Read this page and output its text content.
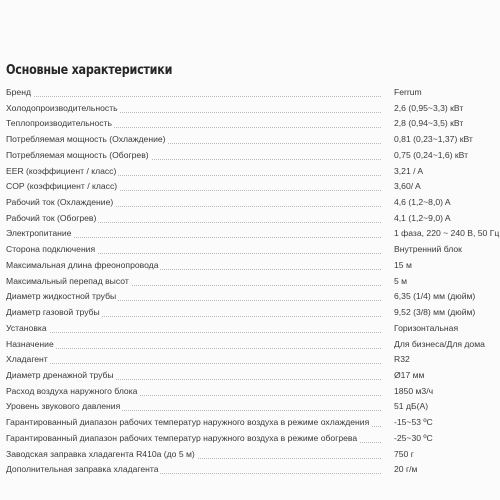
Основные характеристики
Бренд	Ferrum
Холодопроизводительность	2,6 (0,95~3,3) кВт
Теплопроизводительность	2,8 (0,94~3,5) кВт
Потребляемая мощность (Охлаждение)	0,81 (0,23~1,37) кВт
Потребляемая мощность (Обогрев)	0,75 (0,24~1,6) кВт
EER (коэффициент / класс)	3,21 / A
COP (коэффициент / класс)	3,60/ A
Рабочий ток (Охлаждение)	4,6 (1,2~8,0) A
Рабочий ток (Обогрев)	4,1 (1,2~9,0) A
Электропитание	1 фаза, 220 ~ 240 В, 50 Гц
Сторона подключения	Внутренний блок
Максимальная длина фреонопровода	15 м
Максимальный перепад высот	5 м
Диаметр жидкостной трубы	6,35 (1/4) мм (дюйм)
Диаметр газовой трубы	9,52 (3/8) мм (дюйм)
Установка	Горизонтальная
Назначение	Для бизнеса/Для дома
Хладагент	R32
Диаметр дренажной трубы	Ø17 мм
Расход воздуха наружного блока	1850 м3/ч
Уровень звукового давления	51 дБ(А)
Гарантированный диапазон рабочих температур наружного воздуха в режиме охлаждения	-15~53 ºC
Гарантированный диапазон рабочих температур наружного воздуха в режиме обогрева	-25~30 ºC
Заводская заправка хладагента R410a (до 5 м)	750 г
Дополнительная заправка хладагента	20 г/м
